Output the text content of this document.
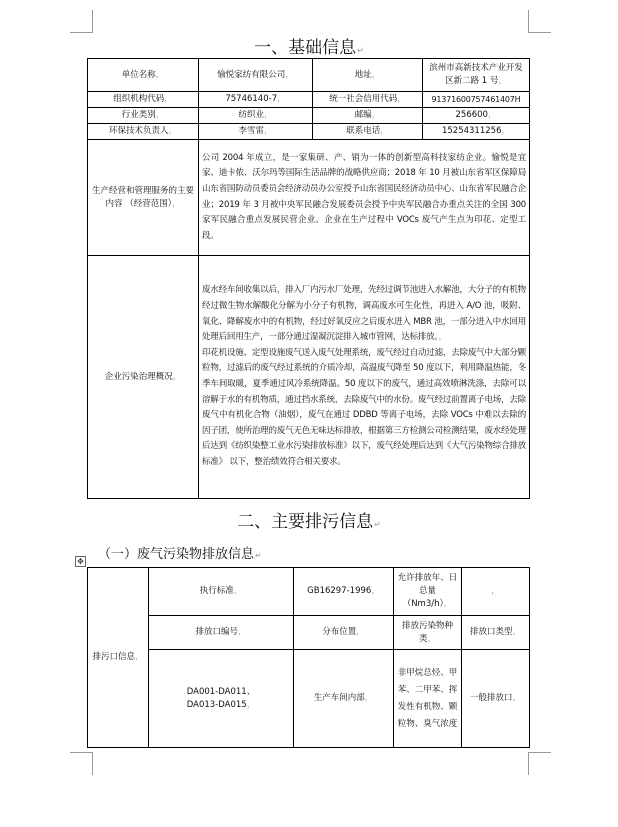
一、基础信息↵
单位名称，	愉悦家纺有限公司，	地址，	滨州市高新技术产业开发区新二路 1 号，
组织机构代码，	75746140-7，	统一社会信用代码，	91371600757461407H
行业类别，	纺织业，	邮编，	256600，
环保技术负责人，	李雪雷，	联系电话，	15254311256，
生产经营和管理服务的主要内容 （经营范围），	公司 2004 年成立，是一家集研、产、销为一体的创新型高科技家纺企业。愉悦是宜家、迪卡侬、沃尔玛等国际生活品牌的战略供应商；2018 年 10 月被山东省军区保障局山东省国防动员委员会经济动员办公室授予山东省国民经济动员中心、山东省军民融合企业；2019 年 3 月被中央军民融合发展委员会授予中央军民融合办重点关注的全国 300 家军民融合重点发展民营企业。企业在生产过程中 VOCs 废气产生点为印花、定型工段。		
企业污染治理概况，	废水经车间收集以后，排入厂内污水厂处理，先经过调节池进入水解池，大分子的有机物经过微生物水解酸化分解为小分子有机物，调高废水可生化性，再进入 A/O 池，吸附、氧化、降解废水中的有机物，经过好氧反应之后废水进入 MBR 池，一部分进入中水回用处理后回用生产，一部分通过湿凝沉淀排入城市管网，达标排放。，
印花机设施、定型设施废气送入废气处理系统，废气经过自动过滤，去除废气中大部分颗粒物，过滤后的废气经过系统的介质冷却，高温废气降至 50 度以下，利用降温热能，冬季车间取暖，夏季通过风冷系统降温。50 度以下的废气，通过高效喷淋洗涤，去除可以溶解于水的有机物质，通过挡水系统，去除废气中的水份。废气经过前置离子电场，去除废气中有机化合物（油烟），废气在通过 DDBD 等离子电场，去除 VOCs 中难以去除的因子团，使所治理的废气无色无味达标排放，根据第三方检测公司检测结果，废水经处理后达到《纺织染整工业水污染排放标准》以下，废气经处理后达到《大气污染物综合排放标准》 以下，整治绩效符合相关要求。		
二、主要排污信息↵
（一）废气污染物排放信息↵
✥
排污口信息，	执行标准，	GB16297-1996，	允许排放年、日总量（Nm3/h），	，
	排放口编号，	分布位置，	排放污染物种类，	排放口类型，
	DA001-DA011、DA013-DA015，	生产车间内部，	非甲烷总烃、甲苯、二甲苯、挥发性有机物、颗粒物、臭气浓度	一般排放口，
